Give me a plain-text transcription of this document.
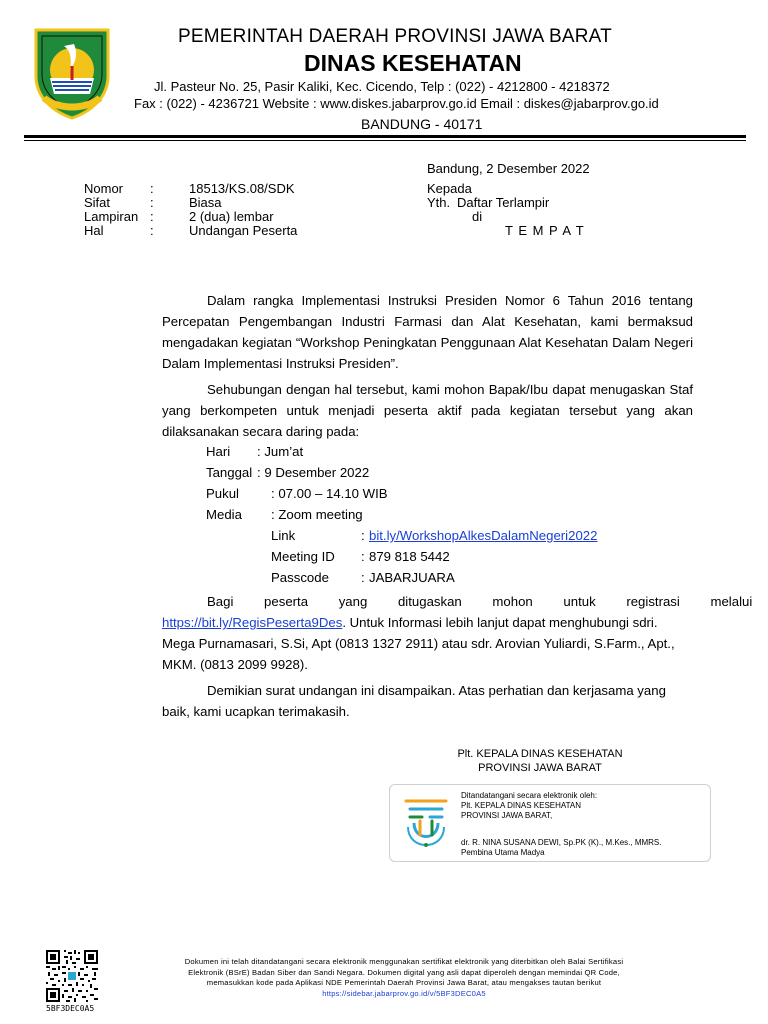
PEMERINTAH DAERAH PROVINSI JAWA BARAT
DINAS KESEHATAN
Jl. Pasteur No. 25, Pasir Kaliki, Kec. Cicendo, Telp : (022) - 4212800 - 4218372
Fax : (022) - 4236721 Website : www.diskes.jabarprov.go.id Email : diskes@jabarprov.go.id
BANDUNG - 40171
Bandung, 2 Desember 2022
Nomor :	18513/KS.08/SDK
Sifat	:	Biasa
Lampiran :	2 (dua) lembar
Hal	:	Undangan Peserta
Kepada
Yth. Daftar Terlampir
di
T E M P A T
Dalam rangka Implementasi Instruksi Presiden Nomor 6 Tahun 2016 tentang Percepatan Pengembangan Industri Farmasi dan Alat Kesehatan, kami bermaksud mengadakan kegiatan “Workshop Peningkatan Penggunaan Alat Kesehatan Dalam Negeri Dalam Implementasi Instruksi Presiden”.
Sehubungan dengan hal tersebut, kami mohon Bapak/Ibu dapat menugaskan Staf yang berkompeten untuk menjadi peserta aktif pada kegiatan tersebut yang akan dilaksanakan secara daring pada:
Hari : Jum’at
Tanggal : 9 Desember 2022
Pukul : 07.00 – 14.10 WIB
Media : Zoom meeting
Link	: bit.ly/WorkshopAlkesDalamNegeri2022
Meeting ID : 879 818 5442
Passcode : JABARJUARA
Bagi peserta yang ditugaskan mohon untuk registrasi melalui
https://bit.ly/RegisPeserta9Des. Untuk Informasi lebih lanjut dapat menghubungi sdri.
Mega Purnamasari, S.Si, Apt (0813 1327 2911) atau sdr. Arovian Yuliardi, S.Farm., Apt.,
MKM. (0813 2099 9928).
Demikian surat undangan ini disampaikan. Atas perhatian dan kerjasama yang
baik, kami ucapkan terimakasih.
Plt. KEPALA DINAS KESEHATAN
PROVINSI JAWA BARAT
Ditandatangani secara elektronik oleh:
Plt. KEPALA DINAS KESEHATAN
PROVINSI JAWA BARAT,
dr. R. NINA SUSANA DEWI, Sp.PK (K)., M.Kes., MMRS.
Pembina Utama Madya
5BF3DEC0A5
Dokumen ini telah ditandatangani secara elektronik menggunakan sertifikat elektronik yang diterbitkan oleh Balai Sertifikasi
Elektronik (BSrE) Badan Siber dan Sandi Negara. Dokumen digital yang asli dapat diperoleh dengan memindai QR Code,
memasukkan kode pada Aplikasi NDE Pemerintah Daerah Provinsi Jawa Barat, atau mengakses tautan berikut
https://sidebar.jabarprov.go.id/v/5BF3DEC0A5
